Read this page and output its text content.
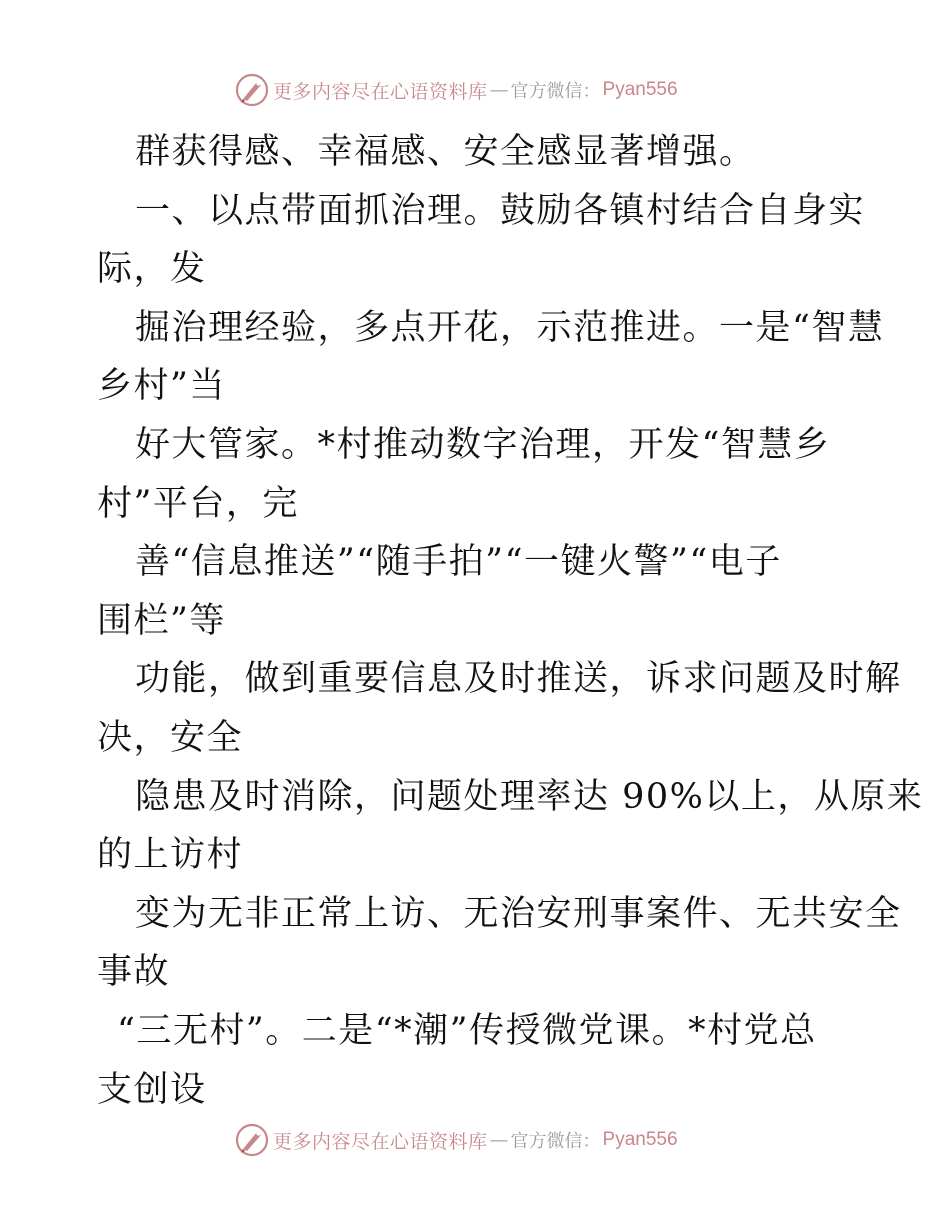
更多内容尽在心语资料库 — 官方微信： Pyan556
群获得感、幸福感、安全感显著增强。
一、以点带面抓治理。鼓励各镇村结合自身实
际，发
掘治理经验，多点开花，示范推进。一是“智慧
乡村”当
好大管家。*村推动数字治理，开发“智慧乡
村”平台，完
善“信息推送”“随手拍”“一键火警”“电子
围栏”等
功能，做到重要信息及时推送，诉求问题及时解
决，安全
隐患及时消除，问题处理率达 90%以上，从原来
的上访村
变为无非正常上访、无治安刑事案件、无共安全
事故
“三无村”。二是“*潮”传授微党课。*村党总
支创设
更多内容尽在心语资料库 — 官方微信： Pyan556
